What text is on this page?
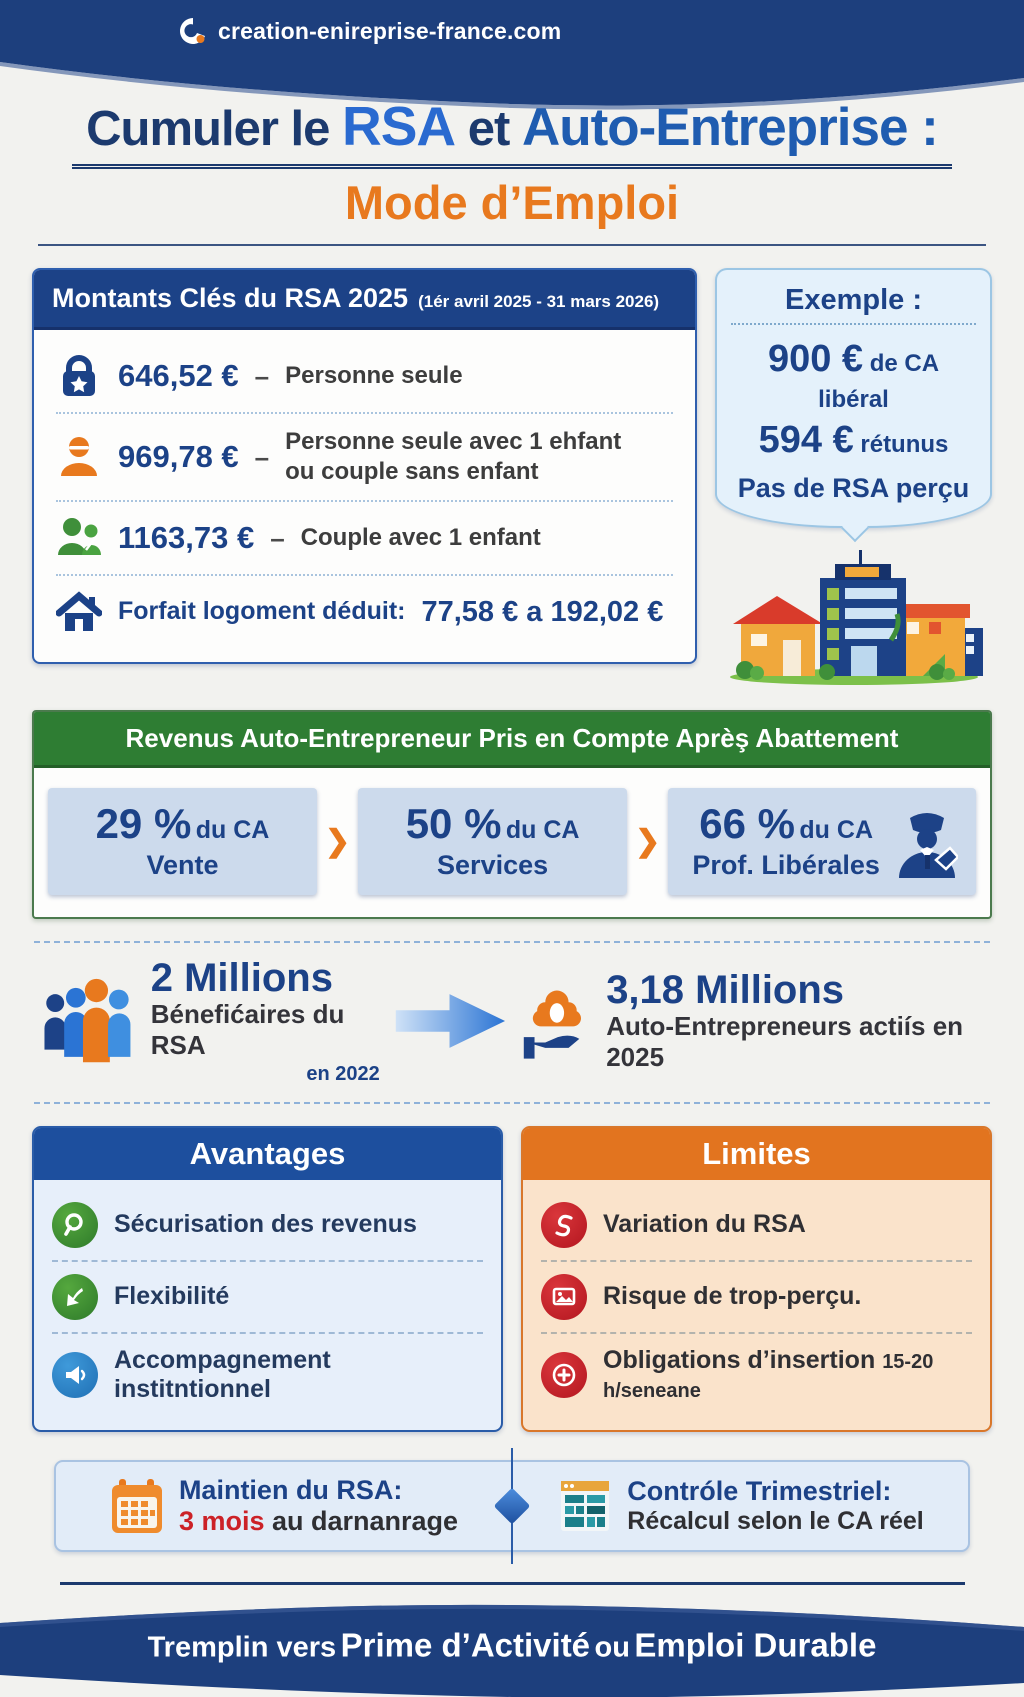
creation-enireprise-france.com
Cumuler le RSA et Auto-Entreprise :
Mode d’Emploi
Montants Clés du RSA 2025 (1ér avril 2025 - 31 mars 2026)
646,52 € – Personne seule
969,78 € – Personne seule avec 1 ehfant
ou couple sans enfant
1163,73 € – Couple avec 1 enfant
Forfait logoment déduit: 77,58 € a 192,02 €
Exemple :
900 € de CA libéral
594 € rétunus
Pas de RSA perçu
Revenus Auto-Entrepreneur Pris en Compte Aprèş Abattement
29 % du CA
Vente
❯	50 % du CA
Services
❯ 66 % du CA
Prof. Libérales
2 Millions
Bénefićaires du RSA
en 2022
3,18 Millions
Auto-Entrepreneurs actiís en 2025
Avantages
Sécurisation des revenus
Flexibilité
Accompagnement institntionnel
Limites
Variation du RSA
Risque de trop-perçu.
Obligations d’insertion 15-20 h/seneane
Maintien du RSA:
3 mois au darnanrage
Contróle Trimestriel:
Récalcul selon le CA réel
Tremplin vers Prime d’Activité ou Emploi Durable
